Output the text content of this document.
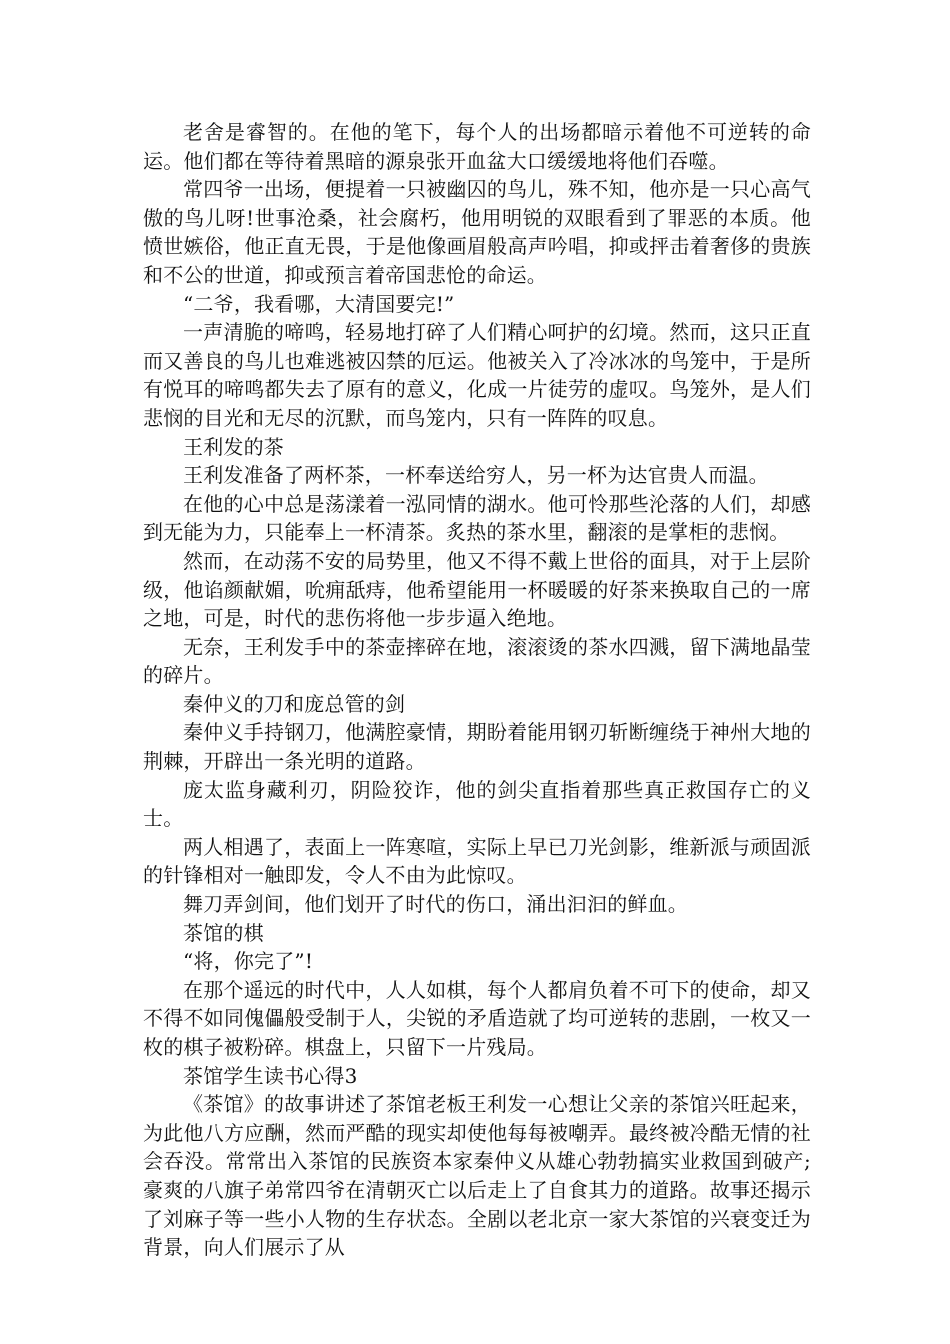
老舍是睿智的。在他的笔下，每个人的出场都暗示着他不可逆转的命运。他们都在等待着黑暗的源泉张开血盆大口缓缓地将他们吞噬。

常四爷一出场，便提着一只被幽囚的鸟儿，殊不知，他亦是一只心高气傲的鸟儿呀!世事沧桑，社会腐朽，他用明锐的双眼看到了罪恶的本质。他愤世嫉俗，他正直无畏，于是他像画眉般高声吟唱，抑或抨击着奢侈的贵族和不公的世道，抑或预言着帝国悲怆的命运。

“二爷，我看哪，大清国要完!”

一声清脆的啼鸣，轻易地打碎了人们精心呵护的幻境。然而，这只正直而又善良的鸟儿也难逃被囚禁的厄运。他被关入了冷冰冰的鸟笼中，于是所有悦耳的啼鸣都失去了原有的意义，化成一片徒劳的虚叹。鸟笼外，是人们悲悯的目光和无尽的沉默，而鸟笼内，只有一阵阵的叹息。

王利发的茶

王利发准备了两杯茶，一杯奉送给穷人，另一杯为达官贵人而温。

在他的心中总是荡漾着一泓同情的湖水。他可怜那些沦落的人们，却感到无能为力，只能奉上一杯清茶。炙热的茶水里，翻滚的是掌柜的悲悯。

然而，在动荡不安的局势里，他又不得不戴上世俗的面具，对于上层阶级，他谄颜献媚，吮痈舐痔，他希望能用一杯暖暖的好茶来换取自己的一席之地，可是，时代的悲伤将他一步步逼入绝地。

无奈，王利发手中的茶壶摔碎在地，滚滚烫的茶水四溅，留下满地晶莹的碎片。

秦仲义的刀和庞总管的剑

秦仲义手持钢刀，他满腔豪情，期盼着能用钢刃斩断缠绕于神州大地的荆棘，开辟出一条光明的道路。

庞太监身藏利刃，阴险狡诈，他的剑尖直指着那些真正救国存亡的义士。

两人相遇了，表面上一阵寒喧，实际上早已刀光剑影，维新派与顽固派的针锋相对一触即发，令人不由为此惊叹。

舞刀弄剑间，他们划开了时代的伤口，涌出汩汩的鲜血。

茶馆的棋

“将，你完了”!

在那个遥远的时代中，人人如棋，每个人都肩负着不可下的使命，却又不得不如同傀儡般受制于人，尖锐的矛盾造就了均可逆转的悲剧，一枚又一枚的棋子被粉碎。棋盘上，只留下一片残局。

茶馆学生读书心得3

《茶馆》的故事讲述了茶馆老板王利发一心想让父亲的茶馆兴旺起来，为此他八方应酬，然而严酷的现实却使他每每被嘲弄。最终被冷酷无情的社会吞没。常常出入茶馆的民族资本家秦仲义从雄心勃勃搞实业救国到破产;豪爽的八旗子弟常四爷在清朝灭亡以后走上了自食其力的道路。故事还揭示了刘麻子等一些小人物的生存状态。全剧以老北京一家大茶馆的兴衰变迁为背景，向人们展示了从
